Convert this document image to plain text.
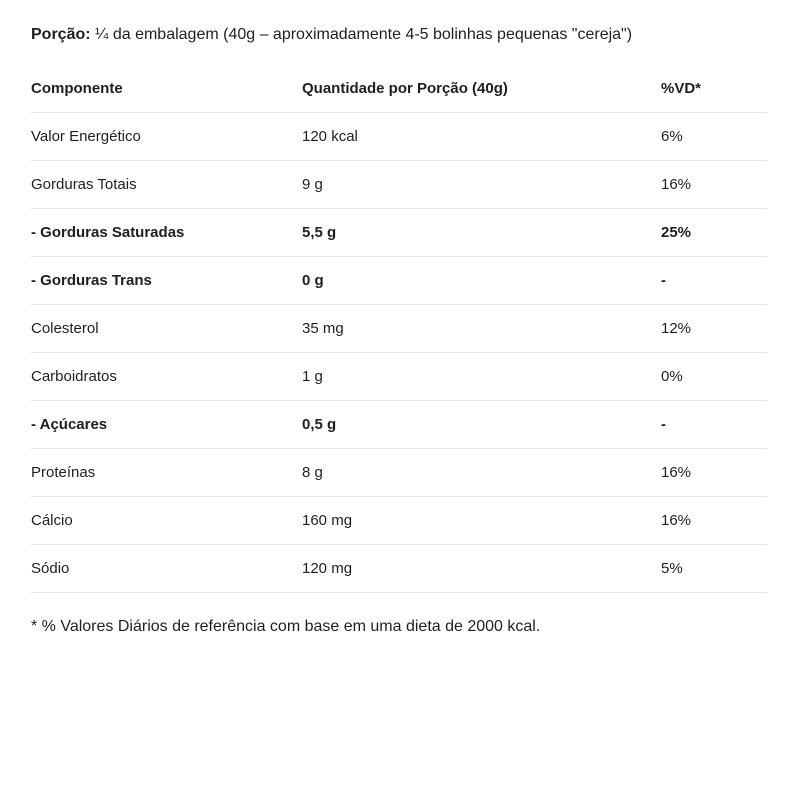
Porção: ¼ da embalagem (40g – aproximadamente 4-5 bolinhas pequenas "cereja")
Componente	Quantidade por Porção (40g)	%VD*
Valor Energético	120 kcal	6%
Gorduras Totais	9 g	16%
- Gorduras Saturadas	5,5 g	25%
- Gorduras Trans	0 g	-
Colesterol	35 mg	12%
Carboidratos	1 g	0%
- Açúcares	0,5 g	-
Proteínas	8 g	16%
Cálcio	160 mg	16%
Sódio	120 mg	5%
* % Valores Diários de referência com base em uma dieta de 2000 kcal.
